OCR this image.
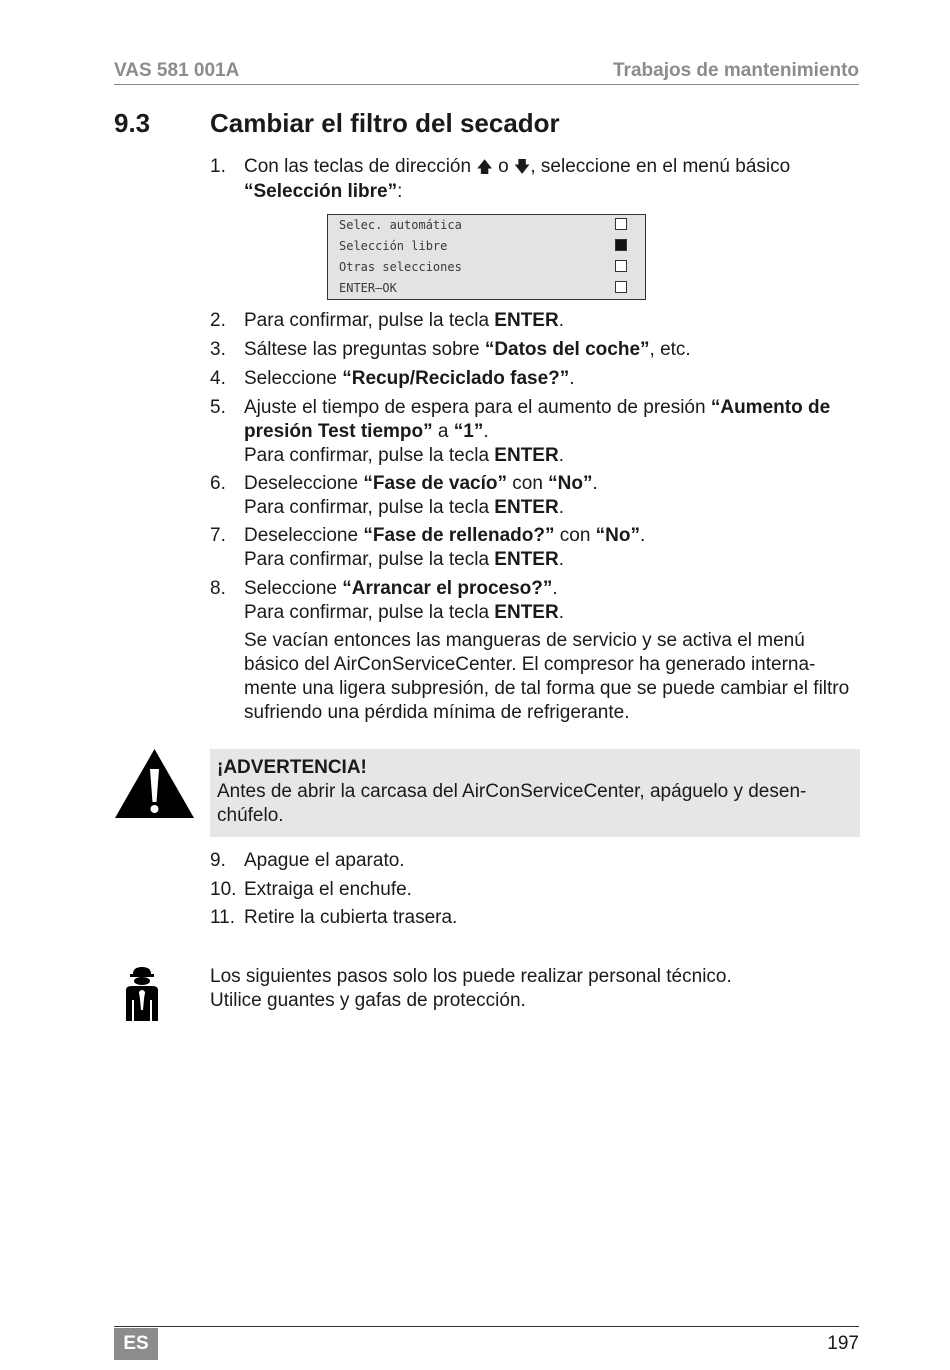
VAS 581 001A	Trabajos de mantenimiento
9.3 Cambiar el filtro del secador
1. Con las teclas de dirección 🡅 o 🡇, seleccione en el menú básico
“Selección libre”:
Selec. automática
Selección libre
Otras selecciones
ENTER–OK
2. Para confirmar, pulse la tecla ENTER.
3. Sáltese las preguntas sobre “Datos del coche”, etc.
4. Seleccione “Recup/Reciclado fase?”.
5. Ajuste el tiempo de espera para el aumento de presión “Aumento de presión Test tiempo” a “1”.
Para confirmar, pulse la tecla ENTER.
6. Deseleccione “Fase de vacío” con “No”.
Para confirmar, pulse la tecla ENTER.
7. Deseleccione “Fase de rellenado?” con “No”.
Para confirmar, pulse la tecla ENTER.
8. Seleccione “Arrancar el proceso?”.
Para confirmar, pulse la tecla ENTER.
Se vacían entonces las mangueras de servicio y se activa el menú básico del AirConServiceCenter. El compresor ha generado interna-mente una ligera subpresión, de tal forma que se puede cambiar el filtro sufriendo una pérdida mínima de refrigerante.
¡ADVERTENCIA!
Antes de abrir la carcasa del AirConServiceCenter, apáguelo y desen-chúfelo.
9. Apague el aparato.
10. Extraiga el enchufe.
11. Retire la cubierta trasera.
Los siguientes pasos solo los puede realizar personal técnico.
Utilice guantes y gafas de protección.
ES	197
